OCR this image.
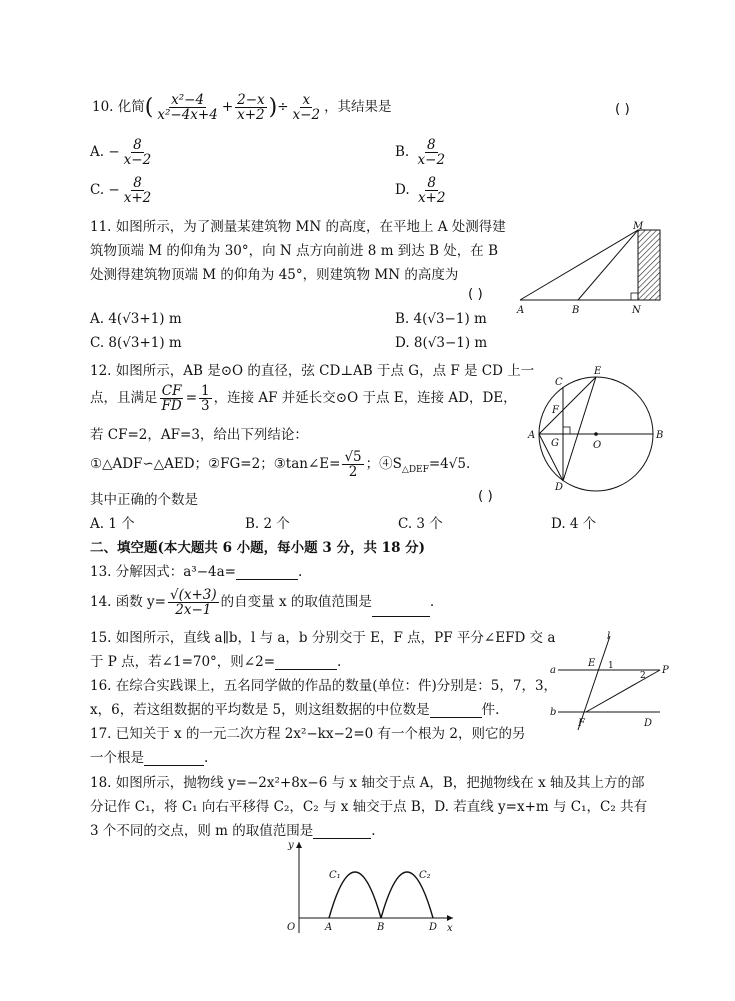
10. 化简( $\frac{\text{x²−4}}{\text{x²−4x+4}} + \frac{2-x}{x+2}$ )÷ $\frac{x}{x-2}$ ，其结果是	( )
A. − $\frac{8}{x-2}$	B. $\frac{8}{x-2}$
C. − $\frac{8}{x+2}$	D. $\frac{8}{x+2}$
11. 如图所示，为了测量某建筑物 MN 的高度，在平地上 A 处测得建
筑物顶端 M 的仰角为 30°，向 N 点方向前进 8 m 到达 B 处，在 B
处测得建筑物顶端 M 的仰角为 45°，则建筑物 MN 的高度为
( )
A. 4(√3+1) m	B. 4(√3−1) m
C. 8(√3+1) m	D. 8(√3−1) m
M
A	B	N
12. 如图所示，AB 是⊙O 的直径，弦 CD⊥AB 于点 G，点 F 是 CD 上一
点，且满足 $\frac{CF}{FD} = \frac{1}{3}$ ，连接 AF 并延长交⊙O 于点 E，连接 AD，DE，
若 CF=2，AF=3，给出下列结论：
①△ADF∽△AED；②FG=2；③tan∠E= $\frac{√5}{2}$ ；$④S_{\triangle DEF}=4√5$.
其中正确的个数是	( )
A. 1 个	B. 2 个	C. 3 个	D. 4 个
C
E
F
A
G	O
B
D
二、填空题(本大题共 6 小题，每小题 3 分，共 18 分)
13. 分解因式：a³−4a=	.
14. 函数 $y= \frac{√(x+3)}{2x-1}$ 的自变量 x 的取值范围是	.
15. 如图所示，直线 a∥b，l 与 a，b 分别交于 E，F 点，PF 平分∠EFD 交 a
于 P 点，若∠1=70°，则∠2=	.
l
E 1
a	P
2
b
F	D
16. 在综合实践课上，五名同学做的作品的数量(单位：件)分别是：5，7，3，
x，6，若这组数据的平均数是 5，则这组数据的中位数是	件.
17. 已知关于 x 的一元二次方程 2x²−kx−2=0 有一个根为 2，则它的另
一个根是	.
18. 如图所示，抛物线 y=−2x²+8x−6 与 x 轴交于点 A，B，把抛物线在 x 轴及其上方的部
分记作 C₁，将 C₁ 向右平移得 C₂，C₂ 与 x 轴交于点 B，D. 若直线 y=x+m 与 C₁，C₂ 共有
3 个不同的交点，则 m 的取值范围是	.
y
C₁	C₂
O	A	B	D x
